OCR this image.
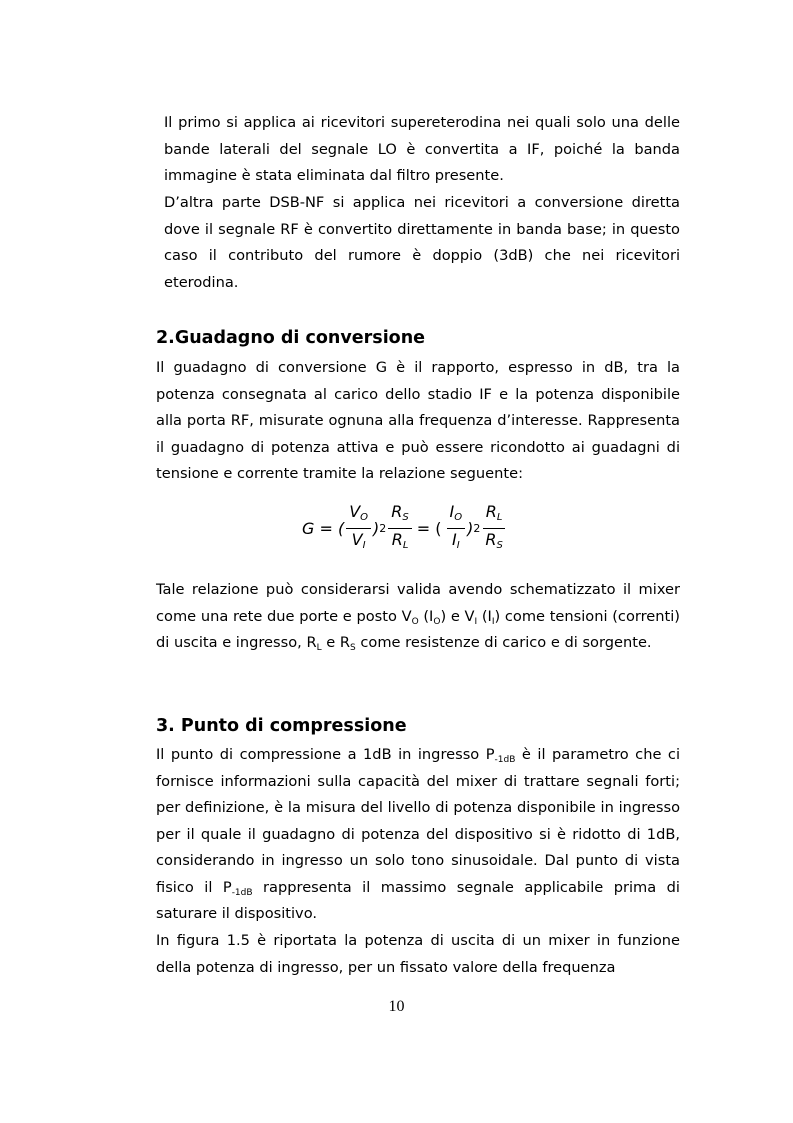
Il primo si applica ai ricevitori supereterodina nei quali solo una delle bande laterali del segnale LO è convertita a IF, poiché la banda immagine è stata eliminata dal filtro presente.
D’altra parte DSB-NF si applica nei ricevitori a conversione diretta dove il segnale RF è convertito direttamente in banda base; in questo caso il contributo del rumore è doppio (3dB) che nei ricevitori eterodina.
2.Guadagno di conversione
Il guadagno di conversione G è il rapporto, espresso in dB, tra la potenza consegnata al carico dello stadio IF e la potenza disponibile alla porta RF, misurate ognuna alla frequenza d’interesse. Rappresenta il guadagno di potenza attiva e può essere ricondotto ai guadagni di tensione e corrente tramite la relazione seguente:
G = ( $\frac{VO}{VI}$ ) $2 \frac{RS}{RL}$ = ( $\frac{IO}{II}$ ) $2 \frac{RL}{RS}$
Tale relazione può considerarsi valida avendo schematizzato il mixer come una rete due porte e posto $V_O$ $(I_O)$ e $V_I$ $(I_I)$ come tensioni (correnti) di uscita e ingresso, $R_L$ e $R_S$ come resistenze di carico e di sorgente.
3. Punto di compressione
Il punto di compressione a 1dB in ingresso $P_{-1dB}$ è il parametro che ci fornisce informazioni sulla capacità del mixer di trattare segnali forti; per definizione, è la misura del livello di potenza disponibile in ingresso per il quale il guadagno di potenza del dispositivo si è ridotto di 1dB, considerando in ingresso un solo tono sinusoidale. Dal punto di vista fisico il $P_{-1dB}$ rappresenta il massimo segnale applicabile prima di saturare il dispositivo.
In figura 1.5 è riportata la potenza di uscita di un mixer in funzione della potenza di ingresso, per un fissato valore della frequenza
10
